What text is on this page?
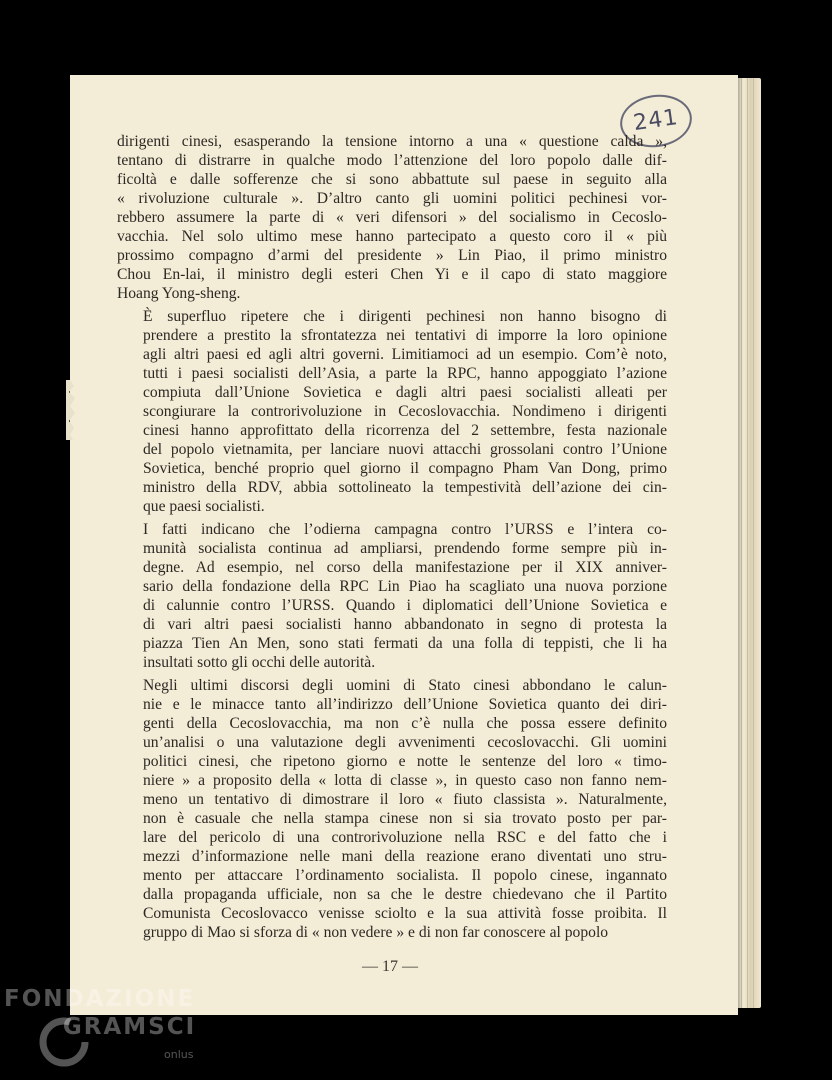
241

dirigenti cinesi, esasperando la tensione intorno a una « questione calda »,
tentano di distrarre in qualche modo l’attenzione del loro popolo dalle dif-
ficoltà e dalle sofferenze che si sono abbattute sul paese in seguito alla
« rivoluzione culturale ». D’altro canto gli uomini politici pechinesi vor-
rebbero assumere la parte di « veri difensori » del socialismo in Cecoslo-
vacchia. Nel solo ultimo mese hanno partecipato a questo coro il « più
prossimo compagno d’armi del presidente » Lin Piao, il primo ministro
Chou En-lai, il ministro degli esteri Chen Yi e il capo di stato maggiore
Hoang Yong-sheng.

È superfluo ripetere che i dirigenti pechinesi non hanno bisogno di
prendere a prestito la sfrontatezza nei tentativi di imporre la loro opinione
agli altri paesi ed agli altri governi. Limitiamoci ad un esempio. Com’è noto,
tutti i paesi socialisti dell’Asia, a parte la RPC, hanno appoggiato l’azione
compiuta dall’Unione Sovietica e dagli altri paesi socialisti alleati per
scongiurare la controrivoluzione in Cecoslovacchia. Nondimeno i dirigenti
cinesi hanno approfittato della ricorrenza del 2 settembre, festa nazionale
del popolo vietnamita, per lanciare nuovi attacchi grossolani contro l’Unione
Sovietica, benché proprio quel giorno il compagno Pham Van Dong, primo
ministro della RDV, abbia sottolineato la tempestività dell’azione dei cin-
que paesi socialisti.

I fatti indicano che l’odierna campagna contro l’URSS e l’intera co-
munità socialista continua ad ampliarsi, prendendo forme sempre più in-
degne. Ad esempio, nel corso della manifestazione per il XIX anniver-
sario della fondazione della RPC Lin Piao ha scagliato una nuova porzione
di calunnie contro l’URSS. Quando i diplomatici dell’Unione Sovietica e
di vari altri paesi socialisti hanno abbandonato in segno di protesta la
piazza Tien An Men, sono stati fermati da una folla di teppisti, che li ha
insultati sotto gli occhi delle autorità.

Negli ultimi discorsi degli uomini di Stato cinesi abbondano le calun-
nie e le minacce tanto all’indirizzo dell’Unione Sovietica quanto dei diri-
genti della Cecoslovacchia, ma non c’è nulla che possa essere definito
un’analisi o una valutazione degli avvenimenti cecoslovacchi. Gli uomini
politici cinesi, che ripetono giorno e notte le sentenze del loro « timo-
niere » a proposito della « lotta di classe », in questo caso non fanno nem-
meno un tentativo di dimostrare il loro « fiuto classista ». Naturalmente,
non è casuale che nella stampa cinese non si sia trovato posto per par-
lare del pericolo di una controrivoluzione nella RSC e del fatto che i
mezzi d’informazione nelle mani della reazione erano diventati uno stru-
mento per attaccare l’ordinamento socialista. Il popolo cinese, ingannato
dalla propaganda ufficiale, non sa che le destre chiedevano che il Partito
Comunista Cecoslovacco venisse sciolto e la sua attività fosse proibita. Il
gruppo di Mao si sforza di « non vedere » e di non far conoscere al popolo

— 17 —
FONDAZIONE
GRAMSCI
onlus
